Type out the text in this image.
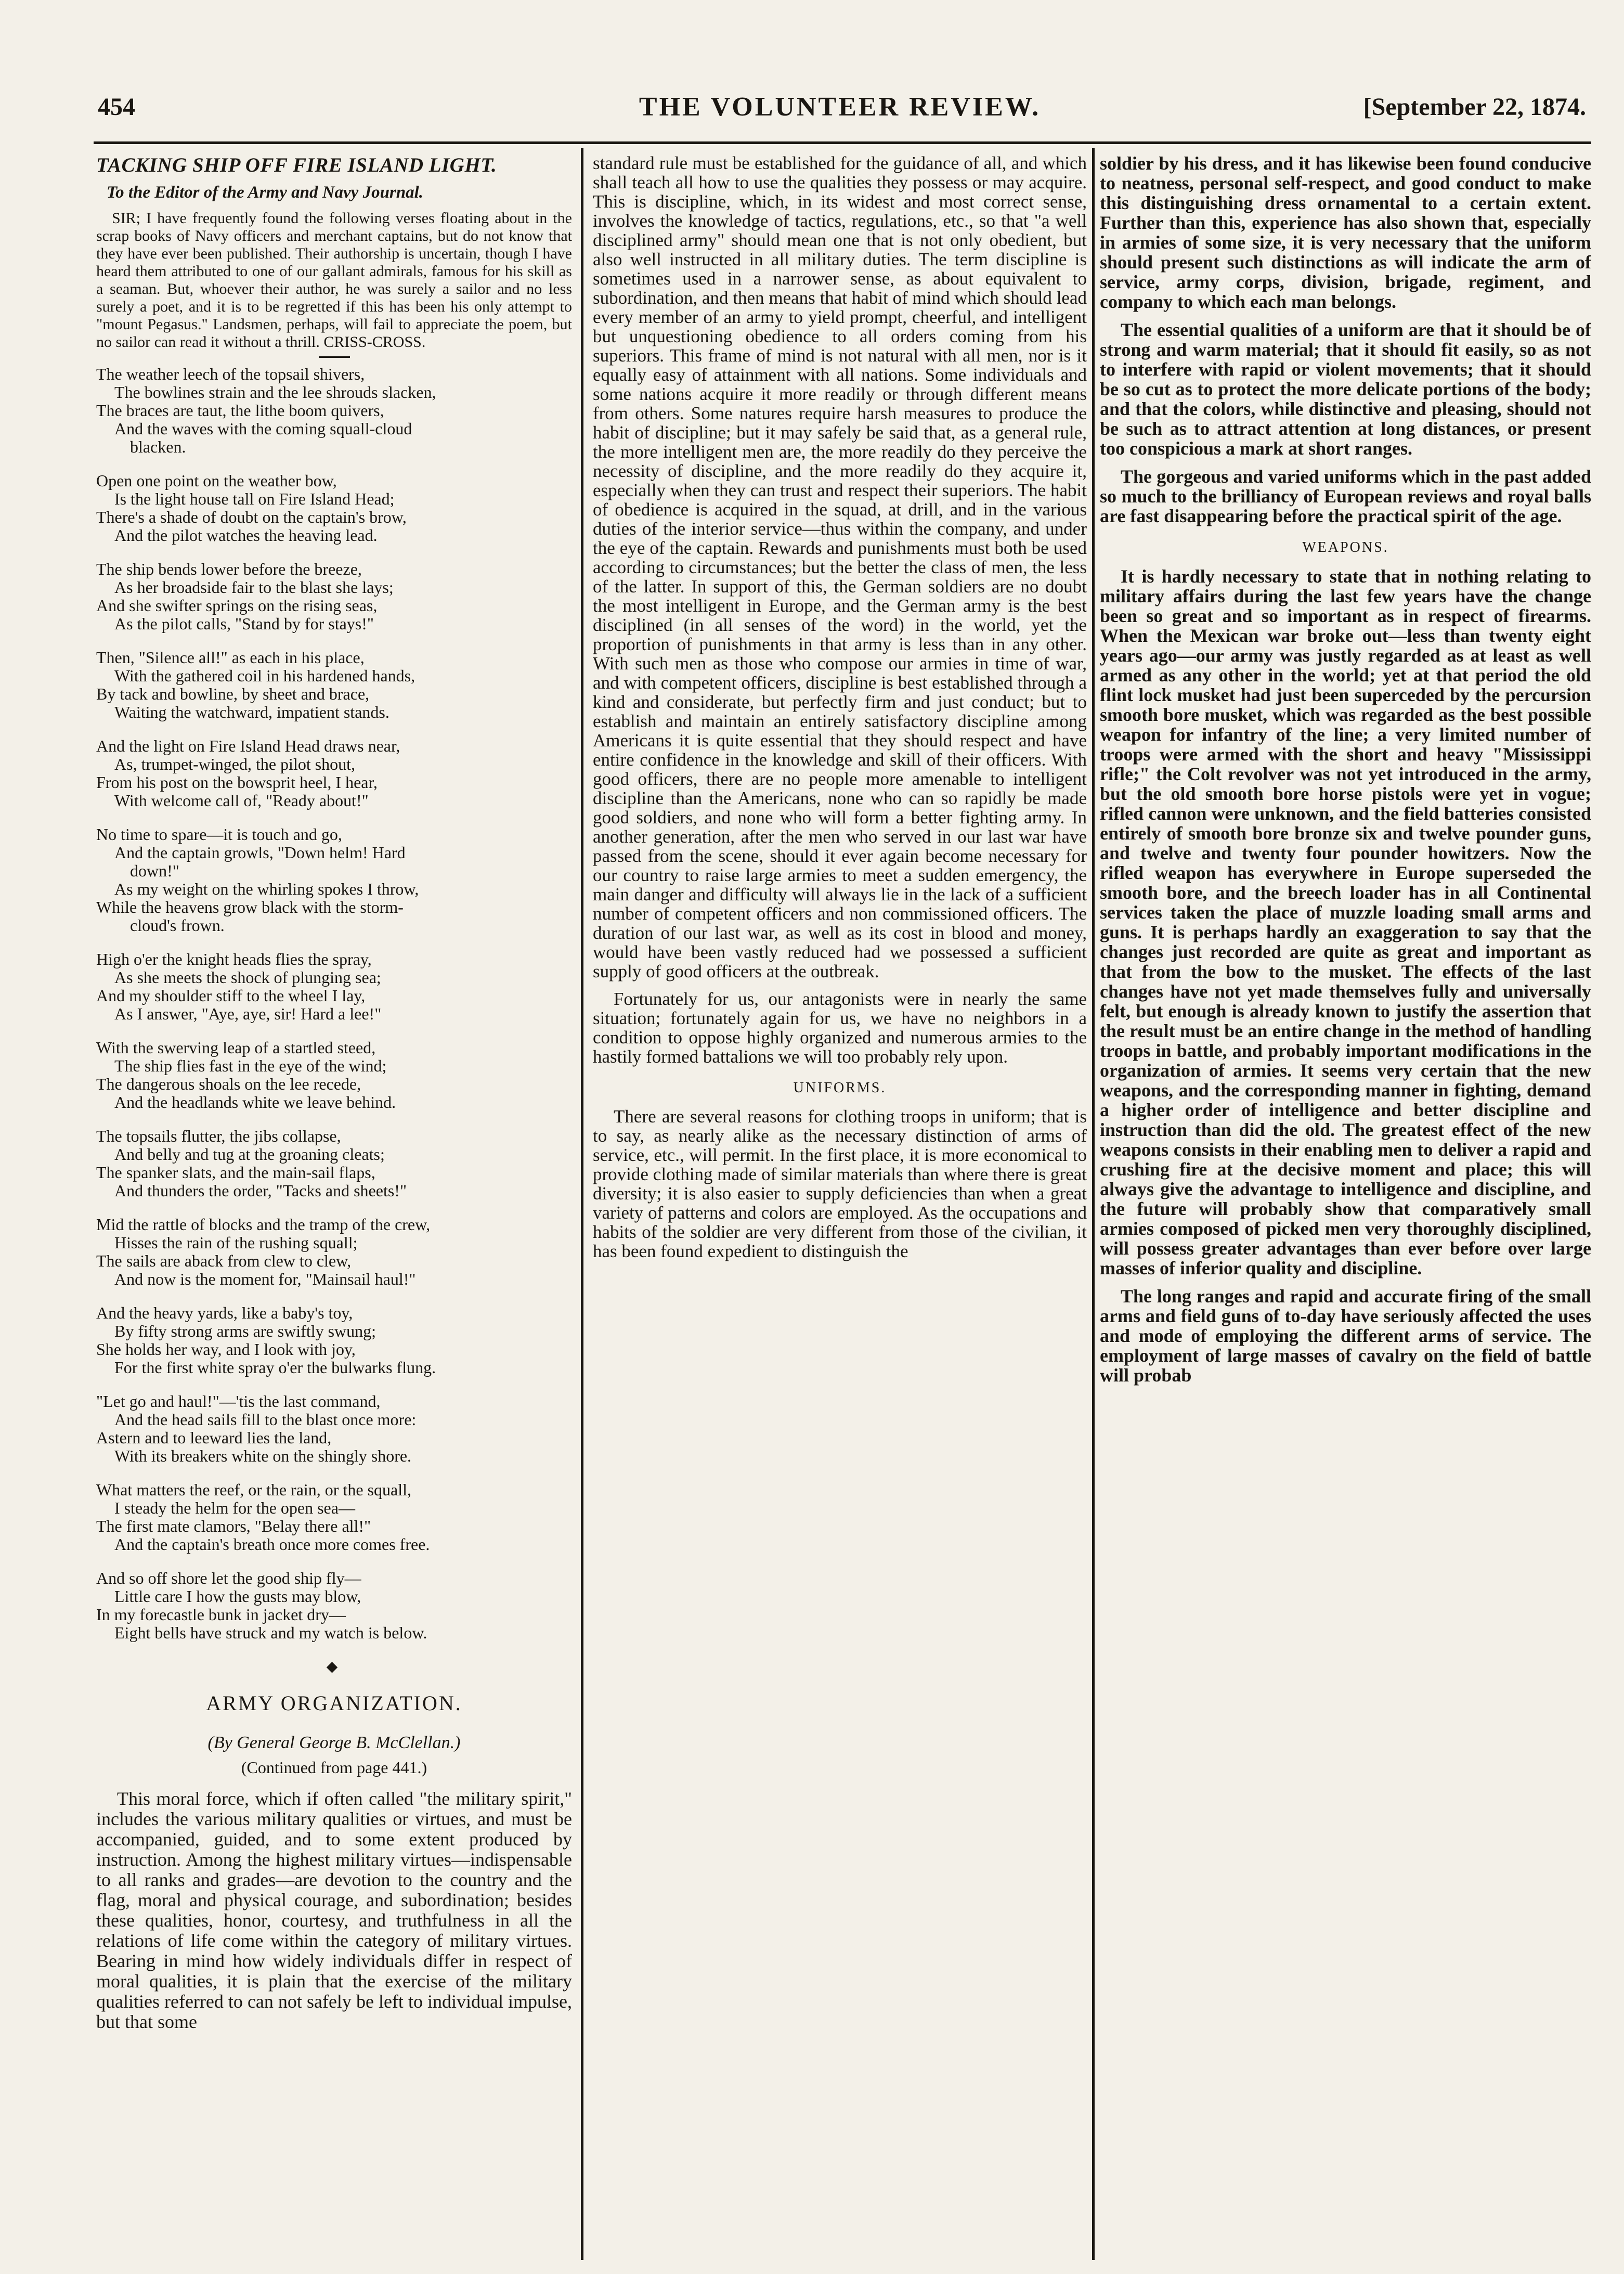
454	THE VOLUNTEER REVIEW.	[September 22, 1874.
TACKING SHIP OFF FIRE ISLAND LIGHT.
To the Editor of the Army and Navy Journal.
SIR; I have frequently found the following verses floating about in the scrap books of Navy officers and merchant captains, but do not know that they have ever been published. Their authorship is uncertain, though I have heard them attributed to one of our gallant admirals, famous for his skill as a seaman. But, whoever their author, he was surely a sailor and no less surely a poet, and it is to be regretted if this has been his only attempt to "mount Pegasus." Landsmen, perhaps, will fail to appreciate the poem, but no sailor can read it without a thrill. CRISS-CROSS.
The weather leech of the topsail shivers,
The bowlines strain and the lee shrouds slacken,
The braces are taut, the lithe boom quivers,
And the waves with the coming squall-cloud
blacken.
Open one point on the weather bow,
Is the light house tall on Fire Island Head;
There's a shade of doubt on the captain's brow,
And the pilot watches the heaving lead.
The ship bends lower before the breeze,
As her broadside fair to the blast she lays;
And she swifter springs on the rising seas,
As the pilot calls, "Stand by for stays!"
Then, "Silence all!" as each in his place,
With the gathered coil in his hardened hands,
By tack and bowline, by sheet and brace,
Waiting the watchward, impatient stands.
And the light on Fire Island Head draws near,
As, trumpet-winged, the pilot shout,
From his post on the bowsprit heel, I hear,
With welcome call of, "Ready about!"
No time to spare—it is touch and go,
And the captain growls, "Down helm! Hard
down!"
As my weight on the whirling spokes I throw,
While the heavens grow black with the storm-
cloud's frown.
High o'er the knight heads flies the spray,
As she meets the shock of plunging sea;
And my shoulder stiff to the wheel I lay,
As I answer, "Aye, aye, sir! Hard a lee!"
With the swerving leap of a startled steed,
The ship flies fast in the eye of the wind;
The dangerous shoals on the lee recede,
And the headlands white we leave behind.
The topsails flutter, the jibs collapse,
And belly and tug at the groaning cleats;
The spanker slats, and the main-sail flaps,
And thunders the order, "Tacks and sheets!"
Mid the rattle of blocks and the tramp of the crew,
Hisses the rain of the rushing squall;
The sails are aback from clew to clew,
And now is the moment for, "Mainsail haul!"
And the heavy yards, like a baby's toy,
By fifty strong arms are swiftly swung;
She holds her way, and I look with joy,
For the first white spray o'er the bulwarks flung.
"Let go and haul!"—'tis the last command,
And the head sails fill to the blast once more:
Astern and to leeward lies the land,
With its breakers white on the shingly shore.
What matters the reef, or the rain, or the squall,
I steady the helm for the open sea—
The first mate clamors, "Belay there all!"
And the captain's breath once more comes free.
And so off shore let the good ship fly—
Little care I how the gusts may blow,
In my forecastle bunk in jacket dry—
Eight bells have struck and my watch is below.
◆
ARMY ORGANIZATION.
(By General George B. McClellan.)
(Continued from page 441.)

This moral force, which if often called "the military spirit," includes the various military qualities or virtues, and must be accompanied, guided, and to some extent produced by instruction. Among the highest military virtues—indispensable to all ranks and grades—are devotion to the country and the flag, moral and physical courage, and subordination; besides these qualities, honor, courtesy, and truthfulness in all the relations of life come within the category of military virtues. Bearing in mind how widely individuals differ in respect of moral qualities, it is plain that the exercise of the military qualities referred to can not safely be left to individual impulse, but that some

standard rule must be established for the guidance of all, and which shall teach all how to use the qualities they possess or may acquire. This is discipline, which, in its widest and most correct sense, involves the knowledge of tactics, regulations, etc., so that "a well disciplined army" should mean one that is not only obedient, but also well instructed in all military duties. The term discipline is sometimes used in a narrower sense, as about equivalent to subordination, and then means that habit of mind which should lead every member of an army to yield prompt, cheerful, and intelligent but unquestioning obedience to all orders coming from his superiors. This frame of mind is not natural with all men, nor is it equally easy of attainment with all nations. Some individuals and some nations acquire it more readily or through different means from others. Some natures require harsh measures to produce the habit of discipline; but it may safely be said that, as a general rule, the more intelligent men are, the more readily do they perceive the necessity of discipline, and the more readily do they acquire it, especially when they can trust and respect their superiors. The habit of obedience is acquired in the squad, at drill, and in the various duties of the interior service—thus within the company, and under the eye of the captain. Rewards and punishments must both be used according to circumstances; but the better the class of men, the less of the latter. In support of this, the German soldiers are no doubt the most intelligent in Europe, and the German army is the best disciplined (in all senses of the word) in the world, yet the proportion of punishments in that army is less than in any other. With such men as those who compose our armies in time of war, and with competent officers, discipline is best established through a kind and considerate, but perfectly firm and just conduct; but to establish and maintain an entirely satisfactory discipline among Americans it is quite essential that they should respect and have entire confidence in the knowledge and skill of their officers. With good officers, there are no people more amenable to intelligent discipline than the Americans, none who can so rapidly be made good soldiers, and none who will form a better fighting army. In another generation, after the men who served in our last war have passed from the scene, should it ever again become necessary for our country to raise large armies to meet a sudden emergency, the main danger and difficulty will always lie in the lack of a sufficient number of competent officers and non commissioned officers. The duration of our last war, as well as its cost in blood and money, would have been vastly reduced had we possessed a sufficient supply of good officers at the outbreak.

Fortunately for us, our antagonists were in nearly the same situation; fortunately again for us, we have no neighbors in a condition to oppose highly organized and numerous armies to the hastily formed battalions we will too probably rely upon.

UNIFORMS.

There are several reasons for clothing troops in uniform; that is to say, as nearly alike as the necessary distinction of arms of service, etc., will permit. In the first place, it is more economical to provide clothing made of similar materials than where there is great diversity; it is also easier to supply deficiencies than when a great variety of patterns and colors are employed. As the occupations and habits of the soldier are very different from those of the civilian, it has been found expedient to distinguish the

soldier by his dress, and it has likewise been found conducive to neatness, personal self-respect, and good conduct to make this distinguishing dress ornamental to a certain extent. Further than this, experience has also shown that, especially in armies of some size, it is very necessary that the uniform should present such distinctions as will indicate the arm of service, army corps, division, brigade, regiment, and company to which each man belongs.

The essential qualities of a uniform are that it should be of strong and warm material; that it should fit easily, so as not to interfere with rapid or violent movements; that it should be so cut as to protect the more delicate portions of the body; and that the colors, while distinctive and pleasing, should not be such as to attract attention at long distances, or present too conspicious a mark at short ranges.

The gorgeous and varied uniforms which in the past added so much to the brilliancy of European reviews and royal balls are fast disappearing before the practical spirit of the age.

WEAPONS.

It is hardly necessary to state that in nothing relating to military affairs during the last few years have the change been so great and so important as in respect of firearms. When the Mexican war broke out—less than twenty eight years ago—our army was justly regarded as at least as well armed as any other in the world; yet at that period the old flint lock musket had just been superceded by the percursion smooth bore musket, which was regarded as the best possible weapon for infantry of the line; a very limited number of troops were armed with the short and heavy "Mississippi rifle;" the Colt revolver was not yet introduced in the army, but the old smooth bore horse pistols were yet in vogue; rifled cannon were unknown, and the field batteries consisted entirely of smooth bore bronze six and twelve pounder guns, and twelve and twenty four pounder howitzers. Now the rifled weapon has everywhere in Europe superseded the smooth bore, and the breech loader has in all Continental services taken the place of muzzle loading small arms and guns. It is perhaps hardly an exaggeration to say that the changes just recorded are quite as great and important as that from the bow to the musket. The effects of the last changes have not yet made themselves fully and universally felt, but enough is already known to justify the assertion that the result must be an entire change in the method of handling troops in battle, and probably important modifications in the organization of armies. It seems very certain that the new weapons, and the corresponding manner in fighting, demand a higher order of intelligence and better discipline and instruction than did the old. The greatest effect of the new weapons consists in their enabling men to deliver a rapid and crushing fire at the decisive moment and place; this will always give the advantage to intelligence and discipline, and the future will probably show that comparatively small armies composed of picked men very thoroughly disciplined, will possess greater advantages than ever before over large masses of inferior quality and discipline.

The long ranges and rapid and accurate firing of the small arms and field guns of to-day have seriously affected the uses and mode of employing the different arms of service. The employment of large masses of cavalry on the field of battle will probab
